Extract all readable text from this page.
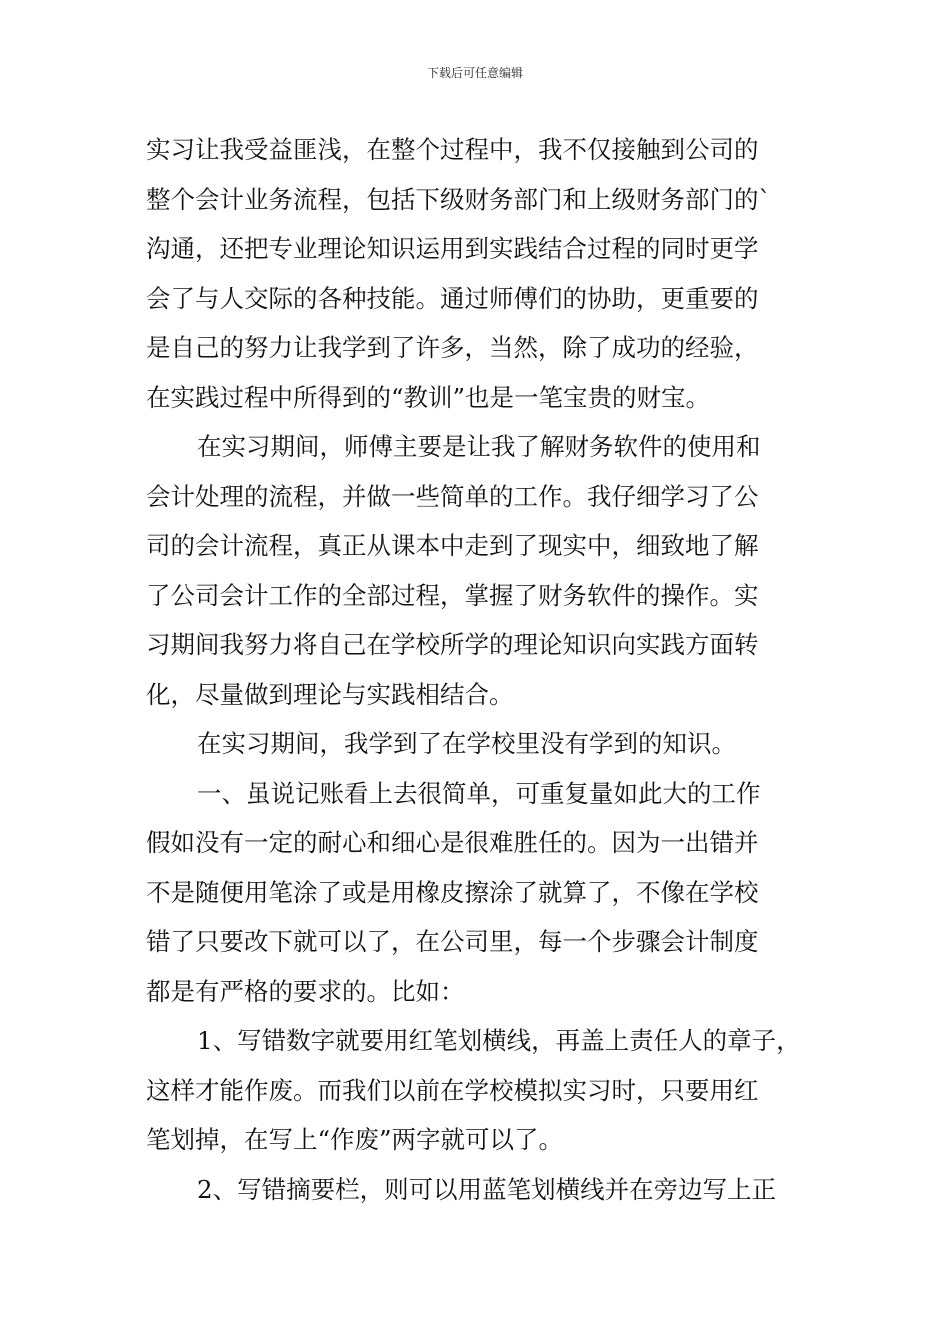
下载后可任意编辑
实习让我受益匪浅，在整个过程中，我不仅接触到公司的
整个会计业务流程，包括下级财务部门和上级财务部门的`
沟通，还把专业理论知识运用到实践结合过程的同时更学
会了与人交际的各种技能。通过师傅们的协助，更重要的
是自己的努力让我学到了许多，当然，除了成功的经验，
在实践过程中所得到的“教训”也是一笔宝贵的财宝。
在实习期间，师傅主要是让我了解财务软件的使用和
会计处理的流程，并做一些简单的工作。我仔细学习了公
司的会计流程，真正从课本中走到了现实中，细致地了解
了公司会计工作的全部过程，掌握了财务软件的操作。实
习期间我努力将自己在学校所学的理论知识向实践方面转
化，尽量做到理论与实践相结合。
在实习期间，我学到了在学校里没有学到的知识。
一、虽说记账看上去很简单，可重复量如此大的工作
假如没有一定的耐心和细心是很难胜任的。因为一出错并
不是随便用笔涂了或是用橡皮擦涂了就算了，不像在学校
错了只要改下就可以了，在公司里，每一个步骤会计制度
都是有严格的要求的。比如：
1、写错数字就要用红笔划横线，再盖上责任人的章子，
这样才能作废。而我们以前在学校模拟实习时，只要用红
笔划掉，在写上“作废”两字就可以了。
2、写错摘要栏，则可以用蓝笔划横线并在旁边写上正
